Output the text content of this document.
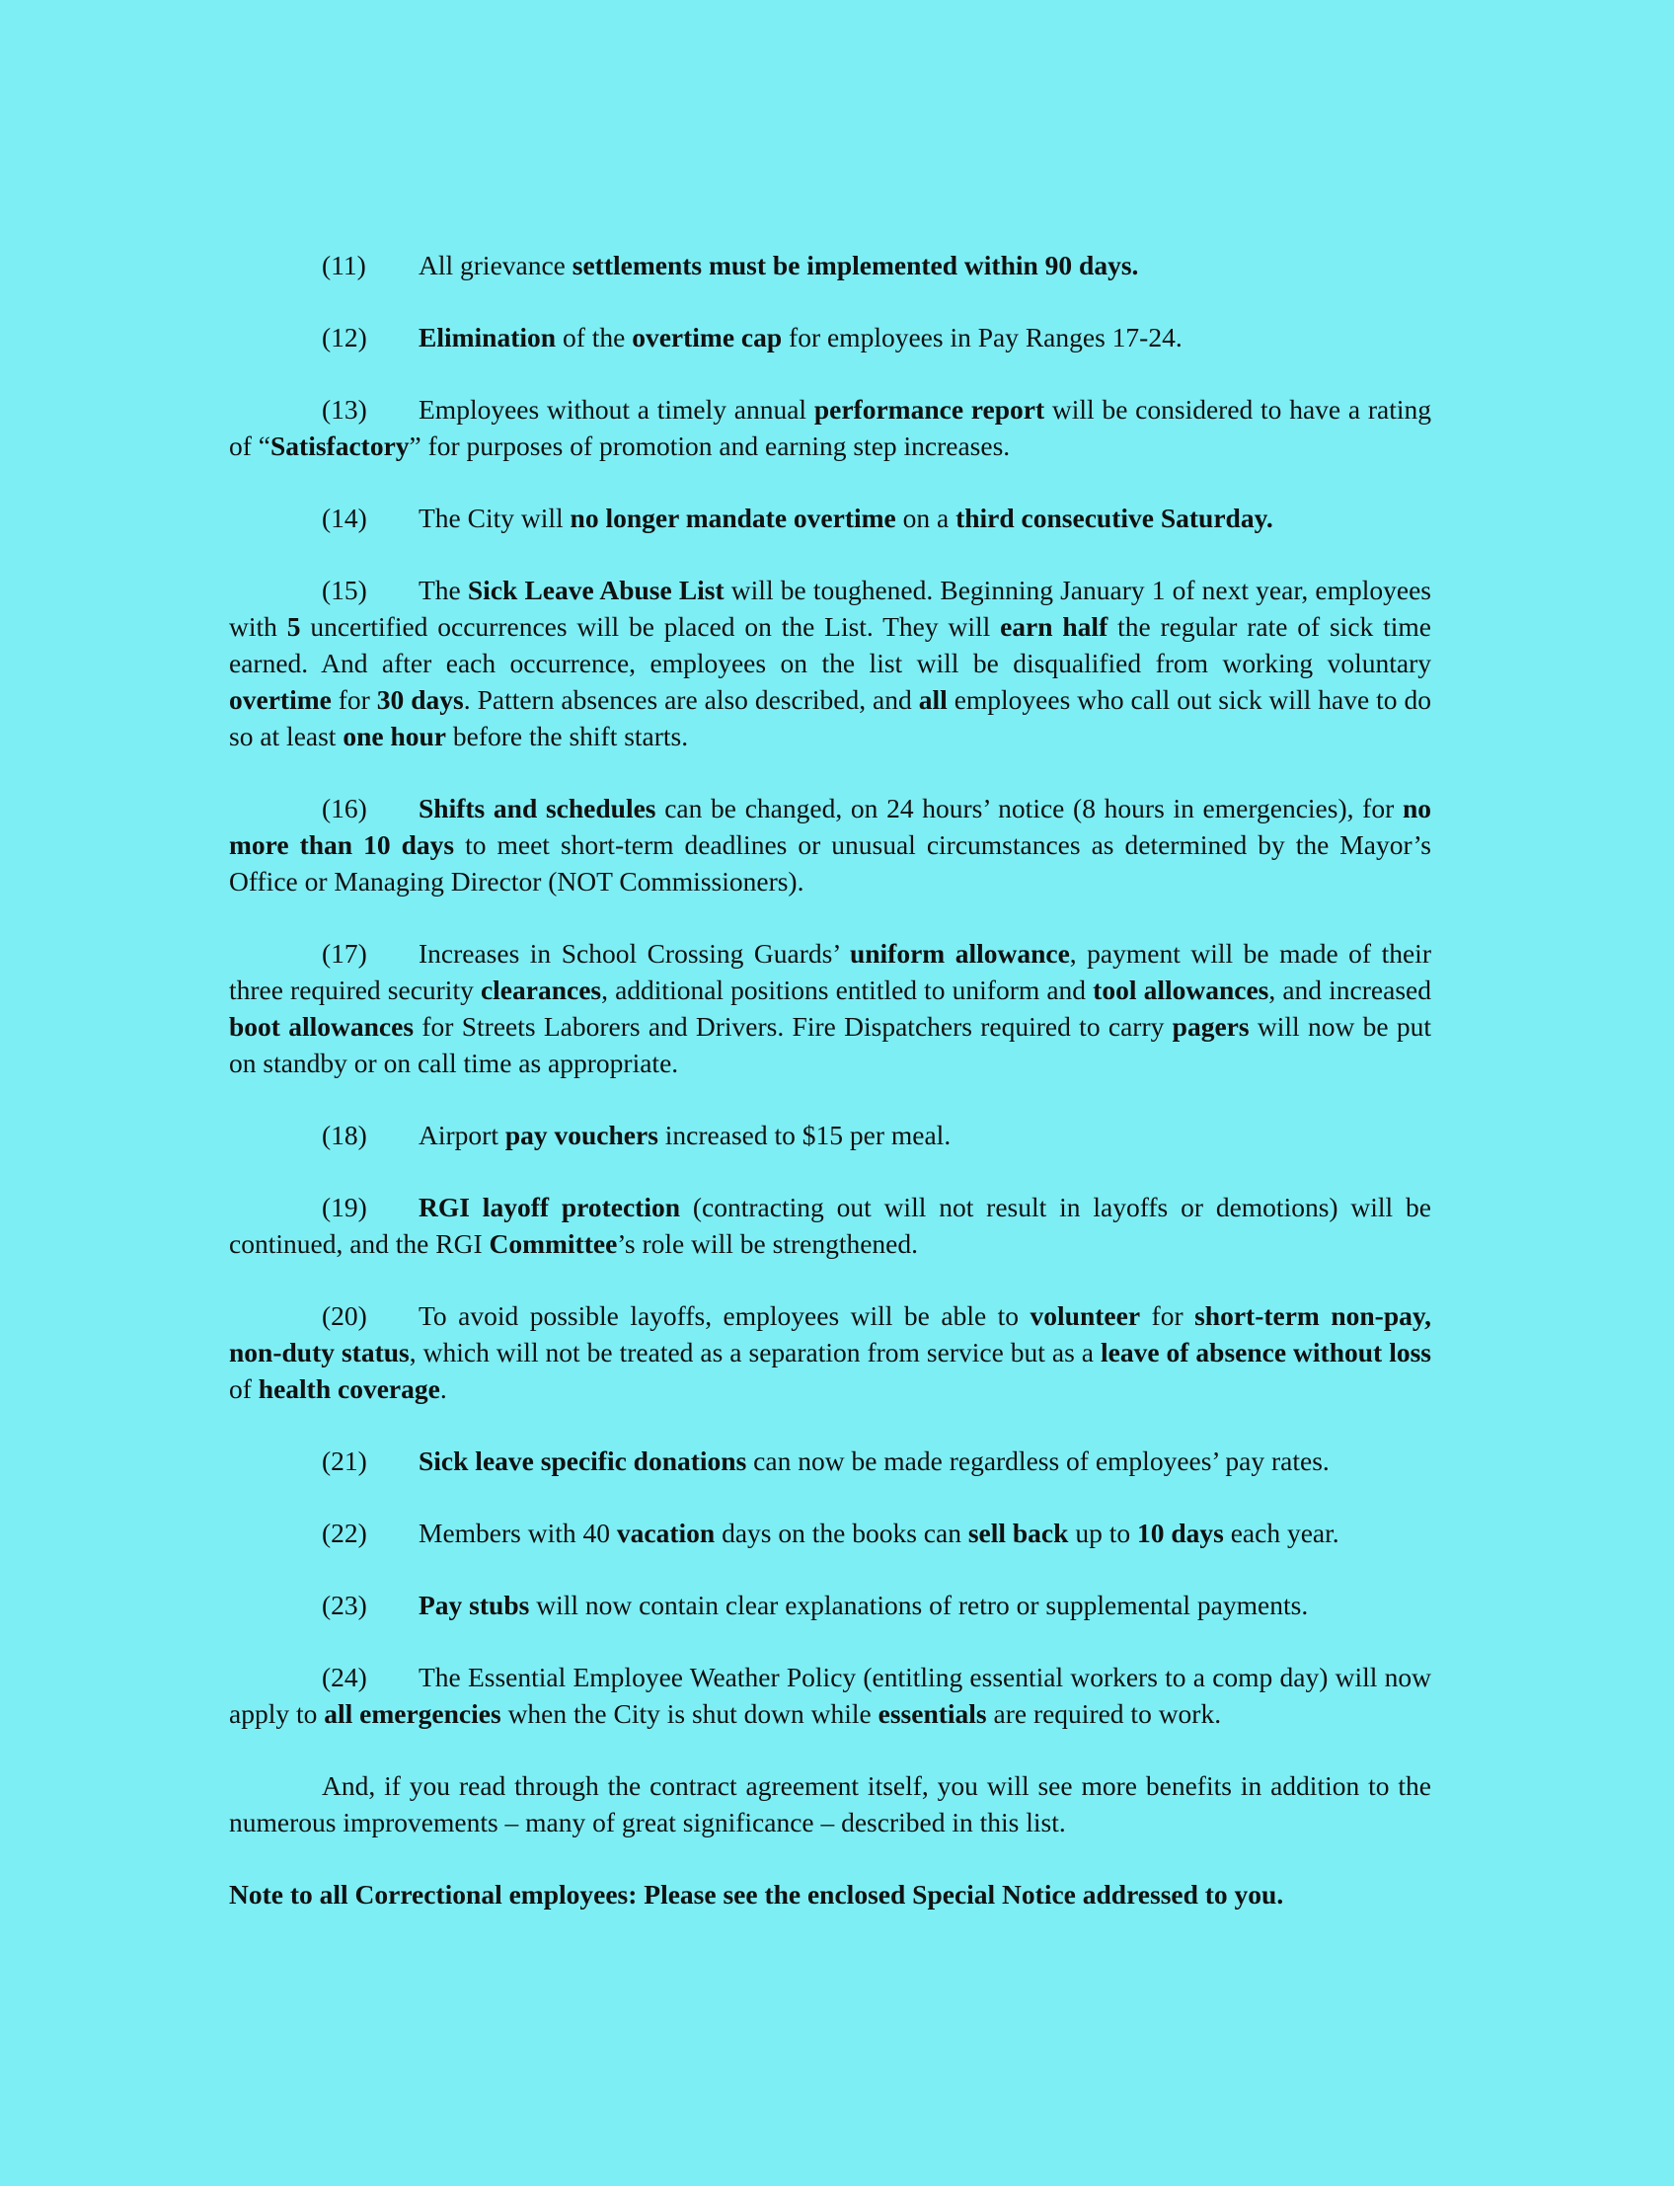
(11) All grievance settlements must be implemented within 90 days.

(12) Elimination of the overtime cap for employees in Pay Ranges 17-24.

(13) Employees without a timely annual performance report will be considered to have a rating of “Satisfactory” for purposes of promotion and earning step increases.

(14) The City will no longer mandate overtime on a third consecutive Saturday.

(15) The Sick Leave Abuse List will be toughened. Beginning January 1 of next year, employees with 5 uncertified occurrences will be placed on the List. They will earn half the regular rate of sick time earned. And after each occurrence, employees on the list will be disqualified from working voluntary overtime for 30 days. Pattern absences are also described, and all employees who call out sick will have to do so at least one hour before the shift starts.

(16) Shifts and schedules can be changed, on 24 hours’ notice (8 hours in emergencies), for no more than 10 days to meet short-term deadlines or unusual circumstances as determined by the Mayor’s Office or Managing Director (NOT Commissioners).

(17) Increases in School Crossing Guards’ uniform allowance, payment will be made of their three required security clearances, additional positions entitled to uniform and tool allowances, and increased boot allowances for Streets Laborers and Drivers. Fire Dispatchers required to carry pagers will now be put on standby or on call time as appropriate.

(18) Airport pay vouchers increased to $15 per meal.

(19) RGI layoff protection (contracting out will not result in layoffs or demotions) will be continued, and the RGI Committee’s role will be strengthened.

(20) To avoid possible layoffs, employees will be able to volunteer for short-term non-pay, non-duty status, which will not be treated as a separation from service but as a leave of absence without loss of health coverage.

(21) Sick leave specific donations can now be made regardless of employees’ pay rates.

(22) Members with 40 vacation days on the books can sell back up to 10 days each year.

(23) Pay stubs will now contain clear explanations of retro or supplemental payments.

(24) The Essential Employee Weather Policy (entitling essential workers to a comp day) will now apply to all emergencies when the City is shut down while essentials are required to work.

And, if you read through the contract agreement itself, you will see more benefits in addition to the numerous improvements – many of great significance – described in this list.

Note to all Correctional employees: Please see the enclosed Special Notice addressed to you.
